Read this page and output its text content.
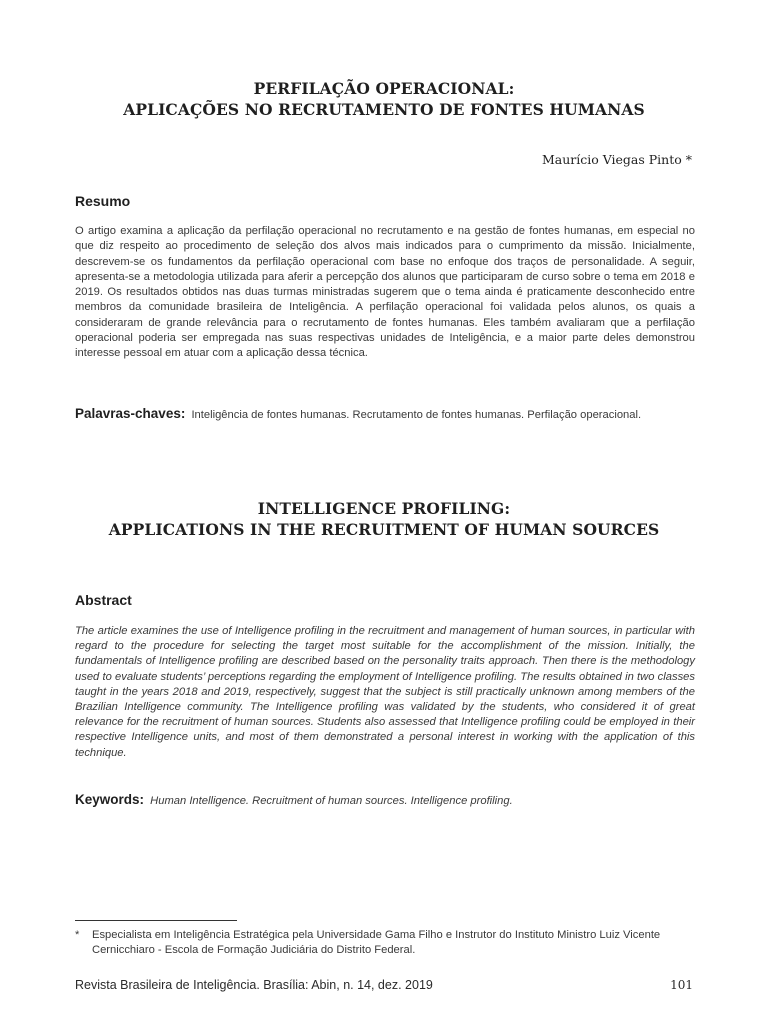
PERFILAÇÃO OPERACIONAL:
APLICAÇÕES NO RECRUTAMENTO DE FONTES HUMANAS
Maurício Viegas Pinto *
Resumo
O artigo examina a aplicação da perfilação operacional no recrutamento e na gestão de fontes humanas, em especial no que diz respeito ao procedimento de seleção dos alvos mais indicados para o cumprimento da missão. Inicialmente, descrevem-se os fundamentos da perfilação operacional com base no enfoque dos traços de personalidade. A seguir, apresenta-se a metodologia utilizada para aferir a percepção dos alunos que participaram de curso sobre o tema em 2018 e 2019. Os resultados obtidos nas duas turmas ministradas sugerem que o tema ainda é praticamente desconhecido entre membros da comunidade brasileira de Inteligência. A perfilação operacional foi validada pelos alunos, os quais a consideraram de grande relevância para o recrutamento de fontes humanas. Eles também avaliaram que a perfilação operacional poderia ser empregada nas suas respectivas unidades de Inteligência, e a maior parte deles demonstrou interesse pessoal em atuar com a aplicação dessa técnica.
Palavras-chaves: Inteligência de fontes humanas. Recrutamento de fontes humanas. Perfilação operacional.
INTELLIGENCE PROFILING:
APPLICATIONS IN THE RECRUITMENT OF HUMAN SOURCES
Abstract
The article examines the use of Intelligence profiling in the recruitment and management of human sources, in particular with regard to the procedure for selecting the target most suitable for the accomplishment of the mission. Initially, the fundamentals of Intelligence profiling are described based on the personality traits approach. Then there is the methodology used to evaluate students’ perceptions regarding the employment of Intelligence profiling. The results obtained in two classes taught in the years 2018 and 2019, respectively, suggest that the subject is still practically unknown among members of the Brazilian Intelligence community. The Intelligence profiling was validated by the students, who considered it of great relevance for the recruitment of human sources. Students also assessed that Intelligence profiling could be employed in their respective Intelligence units, and most of them demonstrated a personal interest in working with the application of this technique.
Keywords: Human Intelligence. Recruitment of human sources. Intelligence profiling.
* Especialista em Inteligência Estratégica pela Universidade Gama Filho e Instrutor do Instituto Ministro Luiz Vicente Cernicchiaro - Escola de Formação Judiciária do Distrito Federal.
Revista Brasileira de Inteligência. Brasília: Abin, n. 14, dez. 2019	101
